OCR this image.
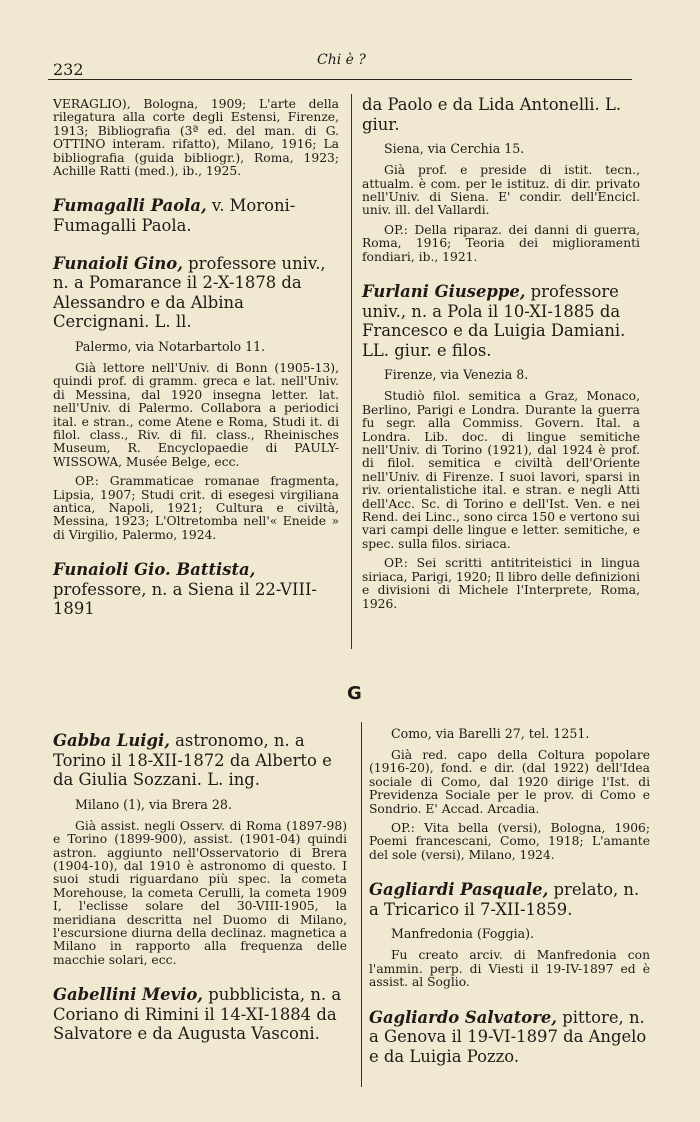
232	Chi è ?

VERAGLIO), Bologna, 1909; L'arte della rilegatura alla corte degli Estensi, Firenze, 1913; Bibliografia (3ª ed. del man. di G. OTTINO interam. rifatto), Milano, 1916; La bibliografia (guida bibliogr.), Roma, 1923; Achille Ratti (med.), ib., 1925.

Fumagalli Paola, v. Moroni-Fumagalli Paola.

Funaioli Gino, professore univ., n. a Pomarance il 2-X-1878 da Alessandro e da Albina Cercignani. L. ll.

Palermo, via Notarbartolo 11.

Già lettore nell'Univ. di Bonn (1905-13), quindi prof. di gramm. greca e lat. nell'Univ. di Messina, dal 1920 insegna letter. lat. nell'Univ. di Palermo. Collabora a periodici ital. e stran., come Atene e Roma, Studi it. di filol. class., Riv. di fil. class., Rheinisches Museum, R. Encyclopaedie di PAULY-WISSOWA, Musée Belge, ecc.

OP.: Grammaticae romanae fragmenta, Lipsia, 1907; Studi crit. di esegesi virgiliana antica, Napoli, 1921; Cultura e civiltà, Messina, 1923; L'Oltretomba nell'« Eneide » di Virgilio, Palermo, 1924.

Funaioli Gio. Battista, professore, n. a Siena il 22-VIII-1891

da Paolo e da Lida Antonelli. L. giur.

Siena, via Cerchia 15.

Già prof. e preside di istit. tecn., attualm. è com. per le istituz. di dir. privato nell'Univ. di Siena. E' condir. dell'Encicl. univ. ill. del Vallardi.

OP.: Della riparaz. dei danni di guerra, Roma, 1916; Teoria dei miglioramenti fondiari, ib., 1921.

Furlani Giuseppe, professore univ., n. a Pola il 10-XI-1885 da Francesco e da Luigia Damiani. LL. giur. e filos.

Firenze, via Venezia 8.

Studiò filol. semitica a Graz, Monaco, Berlino, Parigi e Londra. Durante la guerra fu segr. alla Commiss. Govern. Ital. a Londra. Lib. doc. di lingue semitiche nell'Univ. di Torino (1921), dal 1924 è prof. di filol. semitica e civiltà dell'Oriente nell'Univ. di Firenze. I suoi lavori, sparsi in riv. orientalistiche ital. e stran. e negli Atti dell'Acc. Sc. di Torino e dell'Ist. Ven. e nei Rend. dei Linc., sono circa 150 e vertono sui vari campi delle lingue e letter. semitiche, e spec. sulla filos. siriaca.

OP.: Sei scritti antitriteistici in lingua siriaca, Parigi, 1920; Il libro delle definizioni e divisioni di Michele l'Interprete, Roma, 1926.

G

Gabba Luigi, astronomo, n. a Torino il 18-XII-1872 da Alberto e da Giulia Sozzani. L. ing.

Milano (1), via Brera 28.

Già assist. negli Osserv. di Roma (1897-98) e Torino (1899-900), assist. (1901-04) quindi astron. aggiunto nell'Osservatorio di Brera (1904-10), dal 1910 è astronomo di questo. I suoi studi riguardano più spec. la cometa Morehouse, la cometa Cerulli, la cometa 1909 I, l'eclisse solare del 30-VIII-1905, la meridiana descritta nel Duomo di Milano, l'escursione diurna della declinaz. magnetica a Milano in rapporto alla frequenza delle macchie solari, ecc.

Gabellini Mevio, pubblicista, n. a Coriano di Rimini il 14-XI-1884 da Salvatore e da Augusta Vasconi.

Como, via Barelli 27, tel. 1251.

Già red. capo della Coltura popolare (1916-20), fond. e dir. (dal 1922) dell'Idea sociale di Como, dal 1920 dirige l'Ist. di Previdenza Sociale per le prov. di Como e Sondrio. E' Accad. Arcadia.

OP.: Vita bella (versi), Bologna, 1906; Poemi francescani, Como, 1918; L'amante del sole (versi), Milano, 1924.

Gagliardi Pasquale, prelato, n. a Tricarico il 7-XII-1859.

Manfredonia (Foggia).

Fu creato arciv. di Manfredonia con l'ammin. perp. di Viesti il 19-IV-1897 ed è assist. al Soglio.

Gagliardo Salvatore, pittore, n. a Genova il 19-VI-1897 da Angelo e da Luigia Pozzo.
